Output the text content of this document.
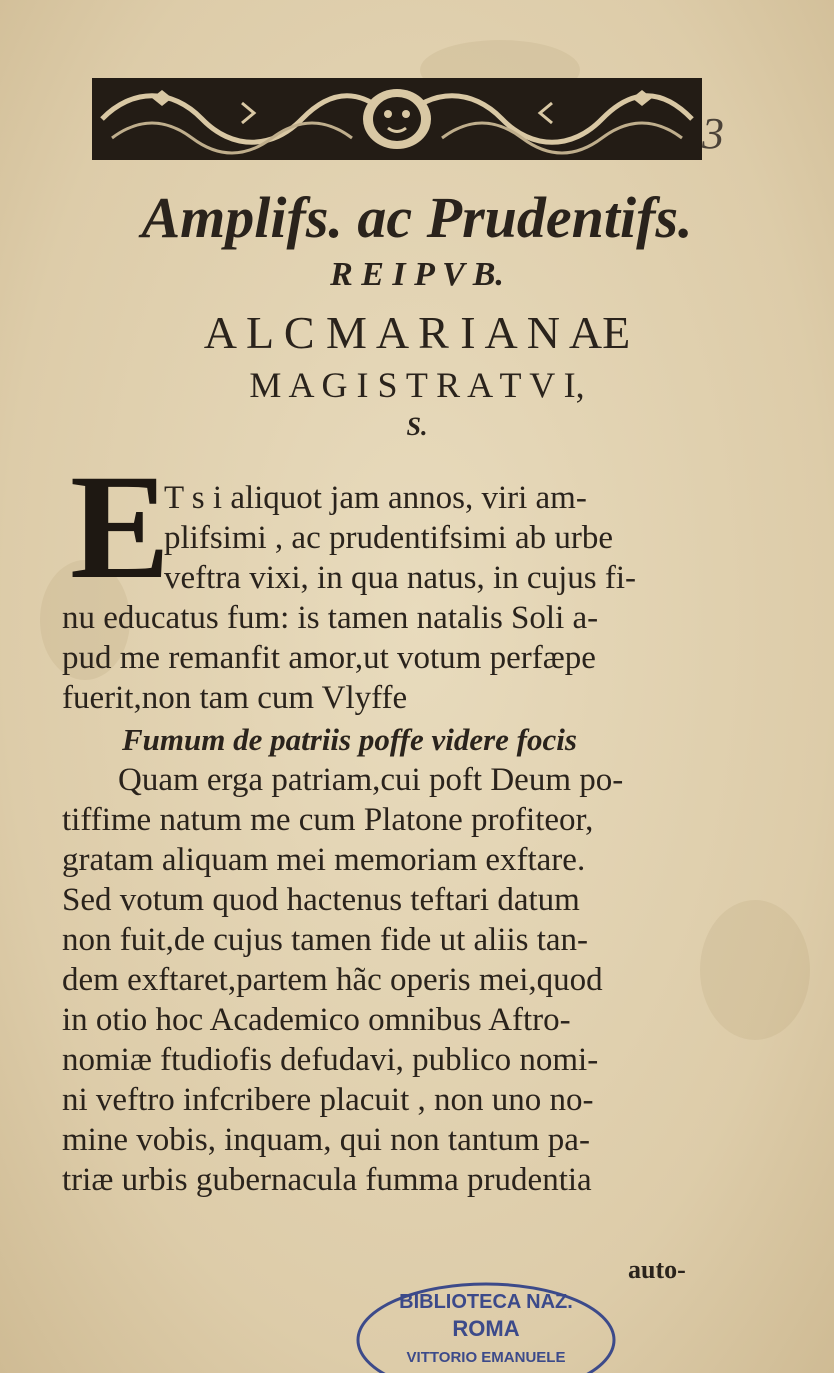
3
Amplifs. ac Prudentifs.
R E I P V B.
A L C M A R I A N AE
M A G I S T R A T V I,
S.
E
T s i aliquot jam annos, viri am-
plifsimi , ac prudentifsimi ab urbe
veftra vixi, in qua natus, in cujus fi-
nu educatus fum: is tamen natalis Soli a-
pud me remanfit amor,ut votum perfæpe
fuerit,non tam cum Vlyffe
Fumum de patriis poffe videre focis
Quam erga patriam,cui poft Deum po-
tiffime natum me cum Platone profiteor,
gratam aliquam mei memoriam exftare.
Sed votum quod hactenus teftari datum
non fuit,de cujus tamen fide ut aliis tan-
dem exftaret,partem hãc operis mei,quod
in otio hoc Academico omnibus Aftro-
nomiæ ftudiofis defudavi, publico nomi-
ni veftro infcribere placuit , non uno no-
mine vobis, inquam, qui non tantum pa-
triæ urbis gubernacula fumma prudentia
auto-
BIBLIOTECA NAZ.
ROMA
VITTORIO EMANUELE
